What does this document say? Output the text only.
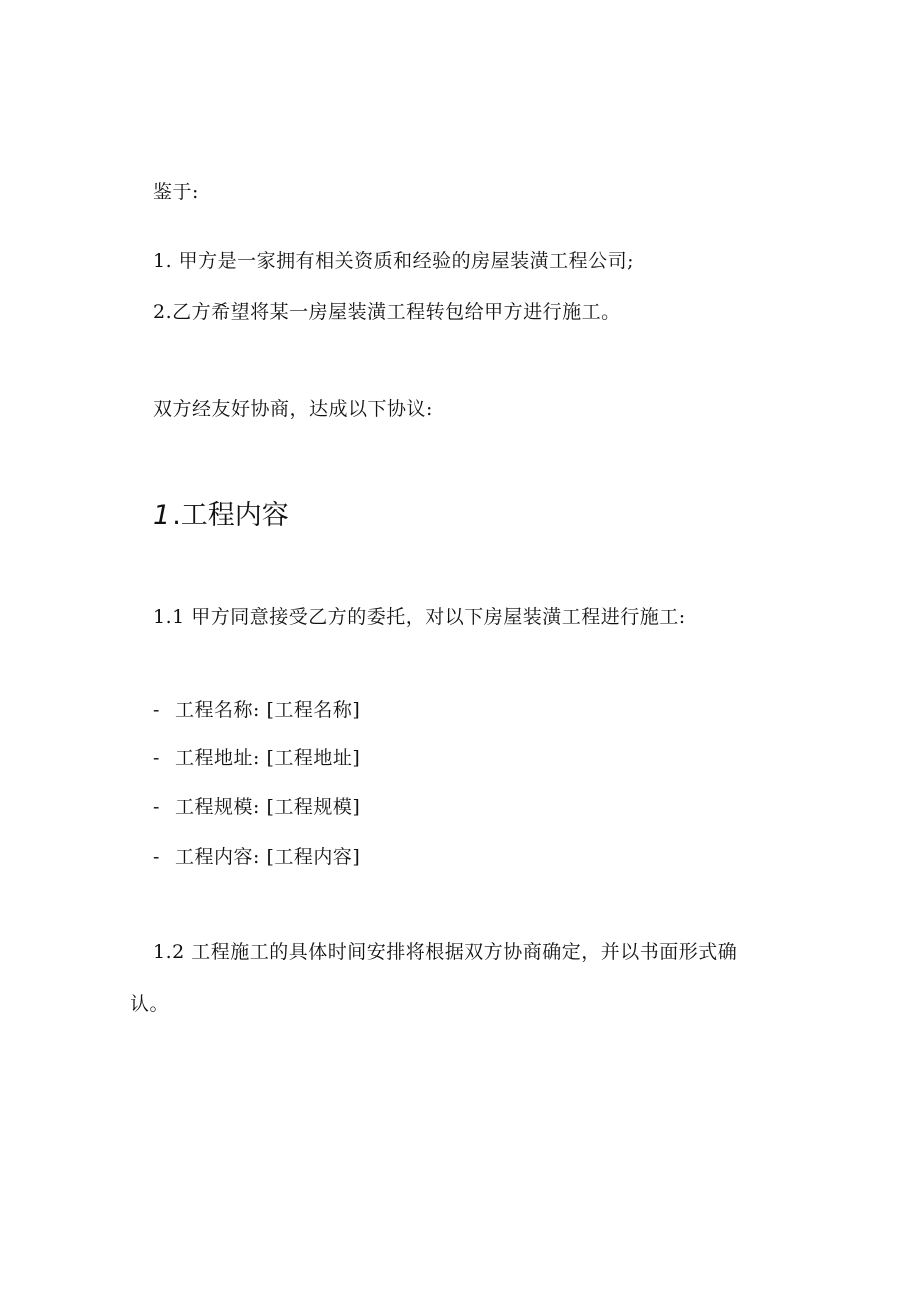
鉴于:
1. 甲方是一家拥有相关资质和经验的房屋装潢工程公司;
2.乙方希望将某一房屋装潢工程转包给甲方进行施工。
双方经友好协商，达成以下协议:
1.工程内容
1.1 甲方同意接受乙方的委托，对以下房屋装潢工程进行施工:
- 工程名称: [工程名称]
- 工程地址: [工程地址]
- 工程规模: [工程规模]
- 工程内容: [工程内容]
1.2 工程施工的具体时间安排将根据双方协商确定，并以书面形式确
认。
